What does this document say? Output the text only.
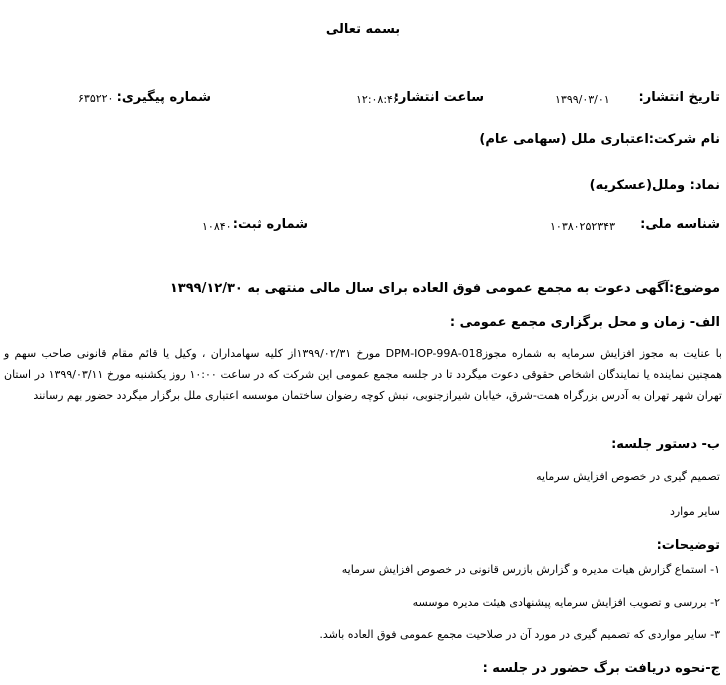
بسمه تعالی
تاریخ انتشار:
۱۳۹۹/۰۳/۰۱
ساعت انتشار:
۱۲:۰۸:۴۶
شماره پیگیری:
۶۳۵۲۲۰
نام شرکت:اعتباری ملل (سهامی عام)
نماد: وملل(عسکریه)
شناسه ملی:
۱۰۳۸۰۲۵۲۳۴۳
شماره ثبت:
۱۰۸۴۰
موضوع:آگهی دعوت به مجمع عمومی فوق العاده برای سال مالی منتهی به ۱۳۹۹/۱۲/۳۰
الف- زمان و محل برگزاری مجمع عمومی :
با عنایت به مجوز افزایش سرمایه به شماره مجوزDPM-IOP-99A-018 مورخ ۱۳۹۹/۰۲/۳۱از کلیه سهامداران ، وکیل یا قائم مقام قانونی صاحب سهم و همچنین نماینده یا نمایندگان اشخاص حقوقی دعوت میگردد تا در جلسه مجمع عمومی این شرکت که در ساعت ۱۰:۰۰ روز یکشنبه مورخ ۱۳۹۹/۰۳/۱۱ در استان تهران شهر تهران به آدرس بزرگراه همت-شرق، خیابان شیرازجنوبی، نبش کوچه رضوان ساختمان موسسه اعتباری ملل برگزار میگردد حضور بهم رسانند
ب- دستور جلسه:
تصمیم گیری در خصوص افزایش سرمایه
سایر موارد
توضیحات:
۱- استماع گزارش هیات مدیره و گزارش بازرس قانونی در خصوص افزایش سرمایه
۲- بررسی و تصویب افزایش سرمایه پیشنهادی هیئت مدیره موسسه
۳- سایر مواردی که تصمیم گیری در مورد آن در صلاحیت مجمع عمومی فوق العاده باشد.
ج-نحوه دریافت برگ حضور در جلسه :
